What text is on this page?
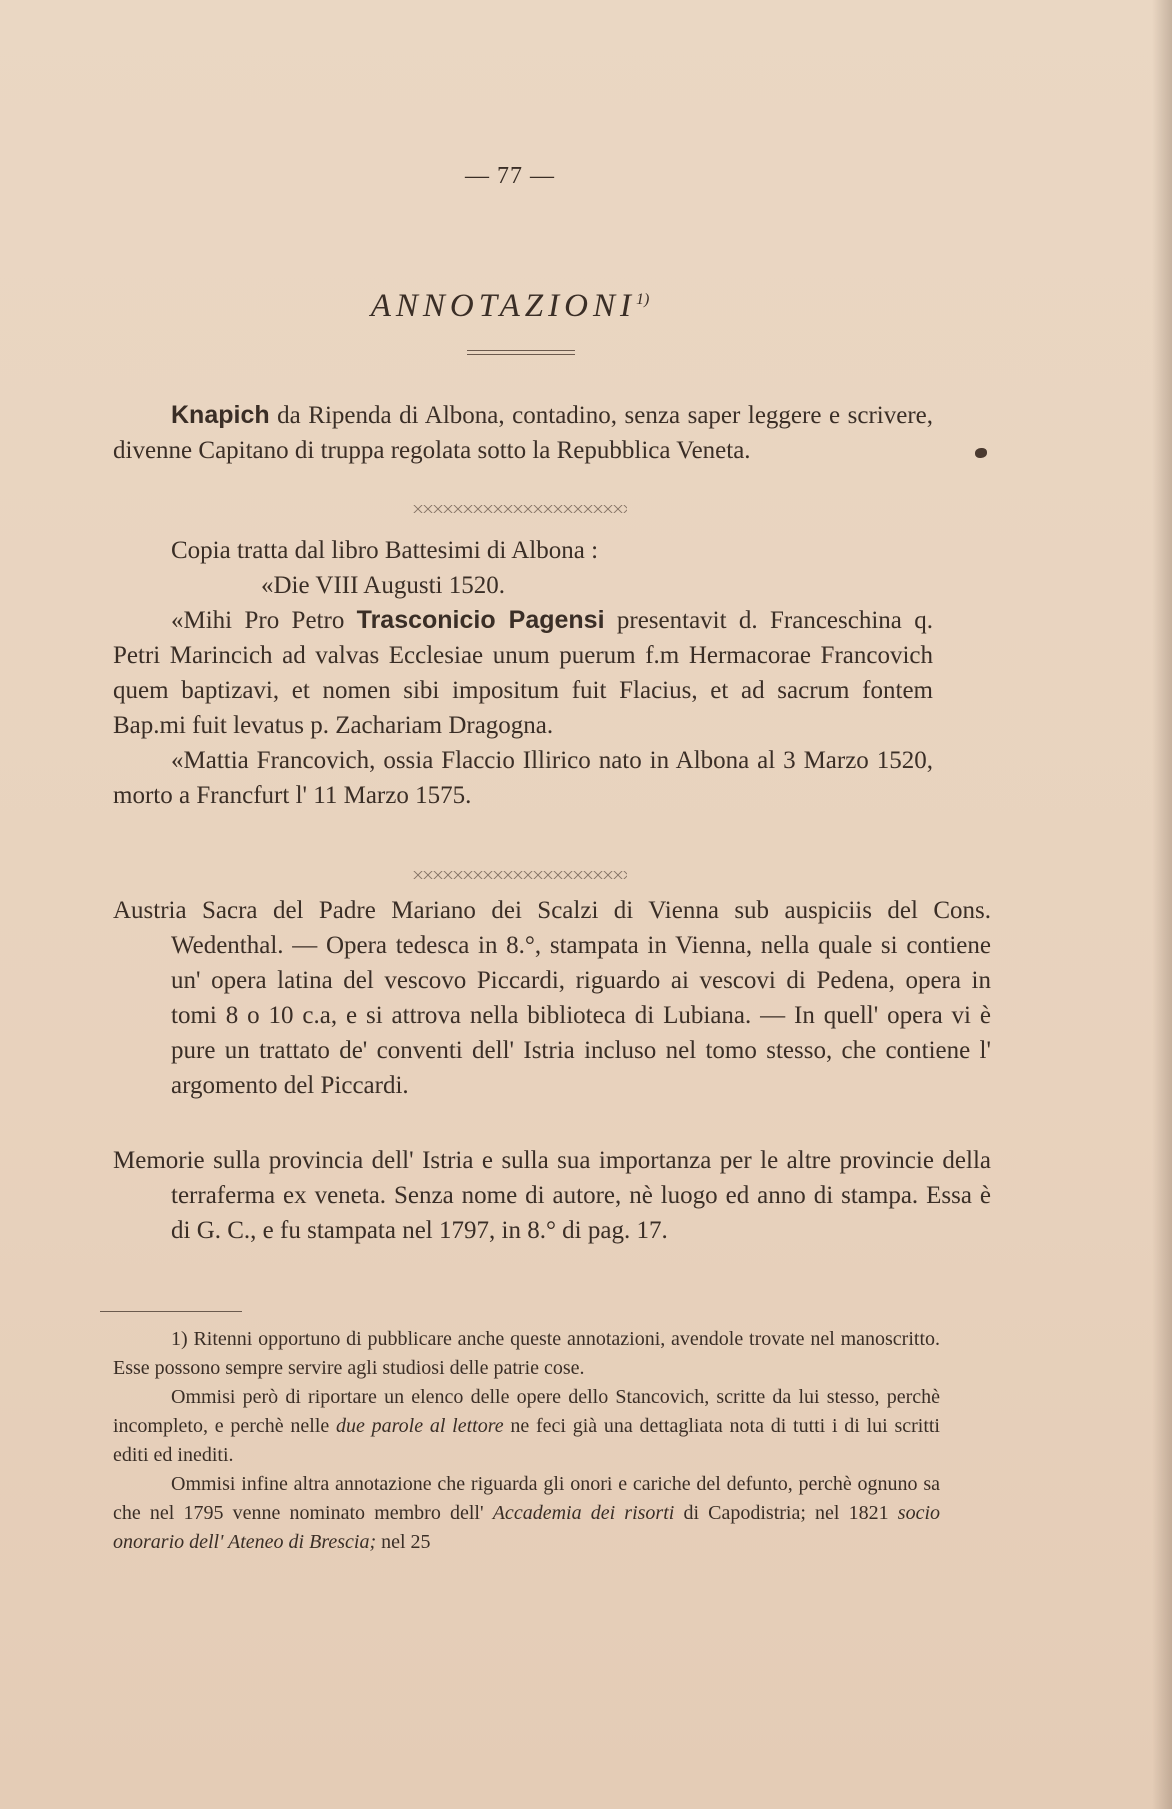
— 77 —
ANNOTAZIONI$^{1)}$
Knapich da Ripenda di Albona, contadino, senza saper leggere e scrivere, divenne Capitano di truppa regolata sotto la Repubblica Veneta.
Copia tratta dal libro Battesimi di Albona :
«Die VIII Augusti 1520.
«Mihi Pro Petro Trasconicio Pagensi presentavit d. Franceschina q. Petri Marincich ad valvas Ecclesiae unum puerum f.m Hermacorae Francovich quem baptizavi, et nomen sibi impositum fuit Flacius, et ad sacrum fontem Bap.mi fuit levatus p. Zachariam Dragogna.
«Mattia Francovich, ossia Flaccio Illirico nato in Albona al 3 Marzo 1520, morto a Francfurt l' 11 Marzo 1575.
Austria Sacra del Padre Mariano dei Scalzi di Vienna sub auspiciis del Cons. Wedenthal. — Opera tedesca in 8.°, stampata in Vienna, nella quale si contiene un' opera latina del vescovo Piccardi, riguardo ai vescovi di Pedena, opera in tomi 8 o 10 c.a, e si attrova nella biblioteca di Lubiana. — In quell' opera vi è pure un trattato de' conventi dell' Istria incluso nel tomo stesso, che contiene l' argomento del Piccardi.
Memorie sulla provincia dell' Istria e sulla sua importanza per le altre provincie della terraferma ex veneta. Senza nome di autore, nè luogo ed anno di stampa. Essa è di G. C., e fu stampata nel 1797, in 8.° di pag. 17.
1) Ritenni opportuno di pubblicare anche queste annotazioni, avendole trovate nel manoscritto. Esse possono sempre servire agli studiosi delle patrie cose.
Ommisi però di riportare un elenco delle opere dello Stancovich, scritte da lui stesso, perchè incompleto, e perchè nelle due parole al lettore ne feci già una dettagliata nota di tutti i di lui scritti editi ed inediti.
Ommisi infine altra annotazione che riguarda gli onori e cariche del defunto, perchè ognuno sa che nel 1795 venne nominato membro dell' Accademia dei risorti di Capodistria; nel 1821 socio onorario dell' Ateneo di Brescia; nel 25
